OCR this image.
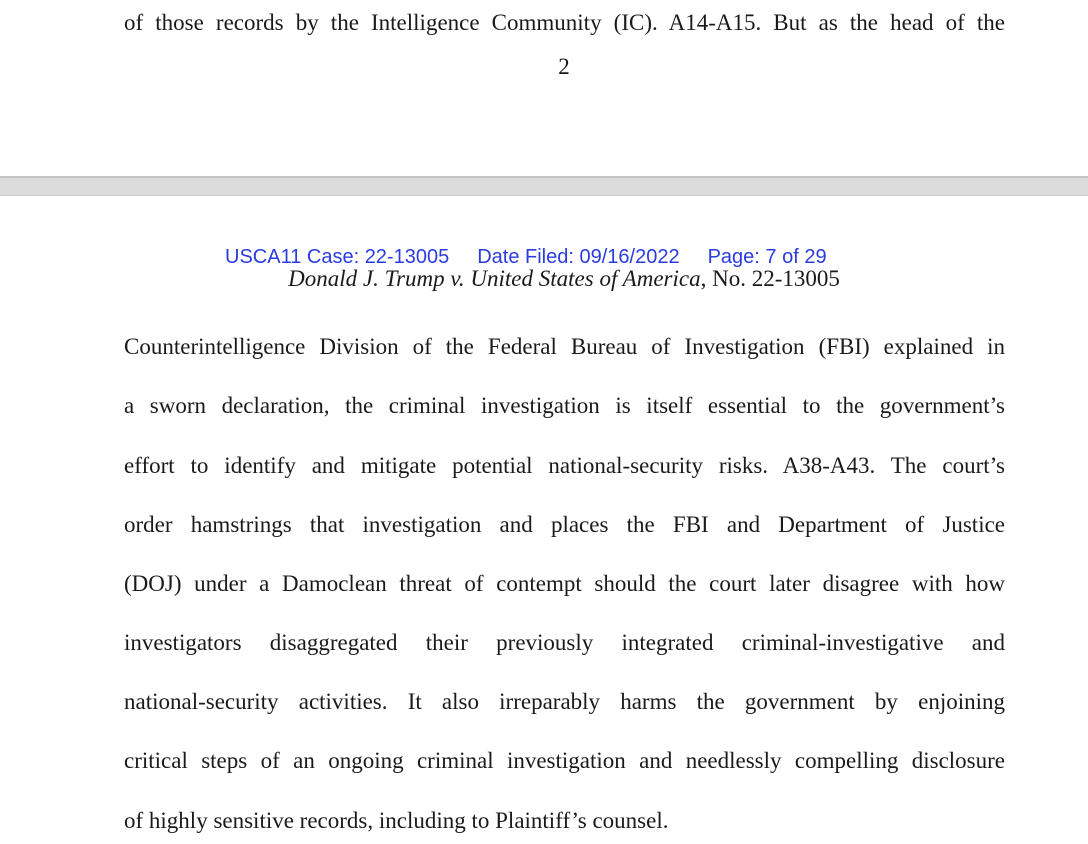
of those records by the Intelligence Community (IC). A14-A15. But as the head of the
2
USCA11 Case: 22-13005 Date Filed: 09/16/2022 Page: 7 of 29
Donald J. Trump v. United States of America, No. 22-13005
Counterintelligence Division of the Federal Bureau of Investigation (FBI) explained in
a sworn declaration, the criminal investigation is itself essential to the government’s
effort to identify and mitigate potential national-security risks. A38-A43. The court’s
order hamstrings that investigation and places the FBI and Department of Justice
(DOJ) under a Damoclean threat of contempt should the court later disagree with how
investigators disaggregated their previously integrated criminal-investigative and
national-security activities. It also irreparably harms the government by enjoining
critical steps of an ongoing criminal investigation and needlessly compelling disclosure
of highly sensitive records, including to Plaintiff’s counsel.
